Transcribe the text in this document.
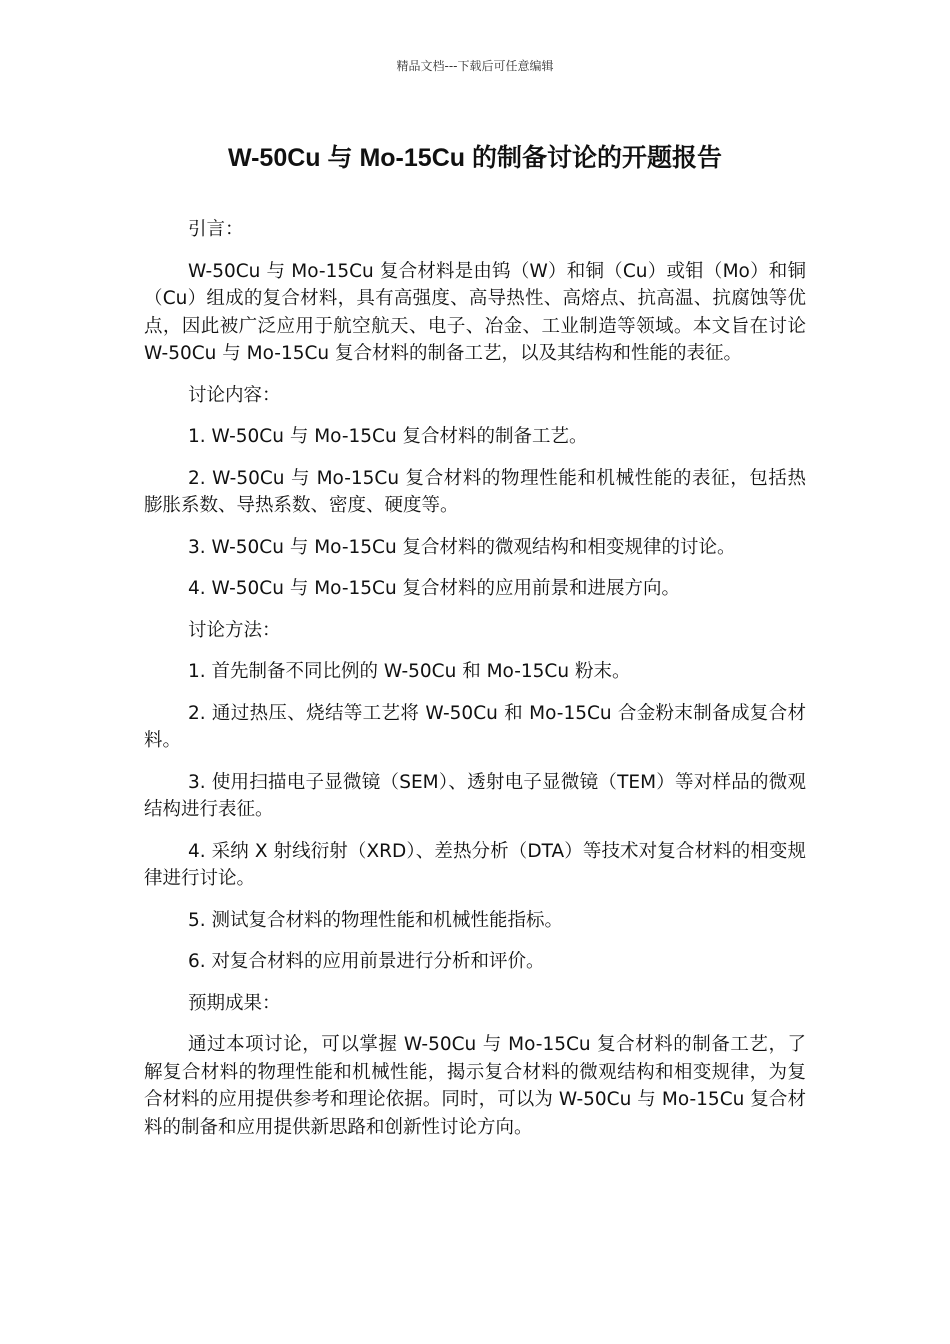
精品文档---下载后可任意编辑
W-50Cu 与 Mo-15Cu 的制备讨论的开题报告

引言：

W-50Cu 与 Mo-15Cu 复合材料是由钨（W）和铜（Cu）或钼（Mo）和铜（Cu）组成的复合材料，具有高强度、高导热性、高熔点、抗高温、抗腐蚀等优点，因此被广泛应用于航空航天、电子、冶金、工业制造等领域。本文旨在讨论 W-50Cu 与 Mo-15Cu 复合材料的制备工艺，以及其结构和性能的表征。

讨论内容：

1. W-50Cu 与 Mo-15Cu 复合材料的制备工艺。

2. W-50Cu 与 Mo-15Cu 复合材料的物理性能和机械性能的表征，包括热膨胀系数、导热系数、密度、硬度等。

3. W-50Cu 与 Mo-15Cu 复合材料的微观结构和相变规律的讨论。

4. W-50Cu 与 Mo-15Cu 复合材料的应用前景和进展方向。

讨论方法：

1. 首先制备不同比例的 W-50Cu 和 Mo-15Cu 粉末。

2. 通过热压、烧结等工艺将 W-50Cu 和 Mo-15Cu 合金粉末制备成复合材料。

3. 使用扫描电子显微镜（SEM）、透射电子显微镜（TEM）等对样品的微观结构进行表征。

4. 采纳 X 射线衍射（XRD）、差热分析（DTA）等技术对复合材料的相变规律进行讨论。

5. 测试复合材料的物理性能和机械性能指标。

6. 对复合材料的应用前景进行分析和评价。

预期成果：

通过本项讨论，可以掌握 W-50Cu 与 Mo-15Cu 复合材料的制备工艺，了解复合材料的物理性能和机械性能，揭示复合材料的微观结构和相变规律，为复合材料的应用提供参考和理论依据。同时，可以为 W-50Cu 与 Mo-15Cu 复合材料的制备和应用提供新思路和创新性讨论方向。
